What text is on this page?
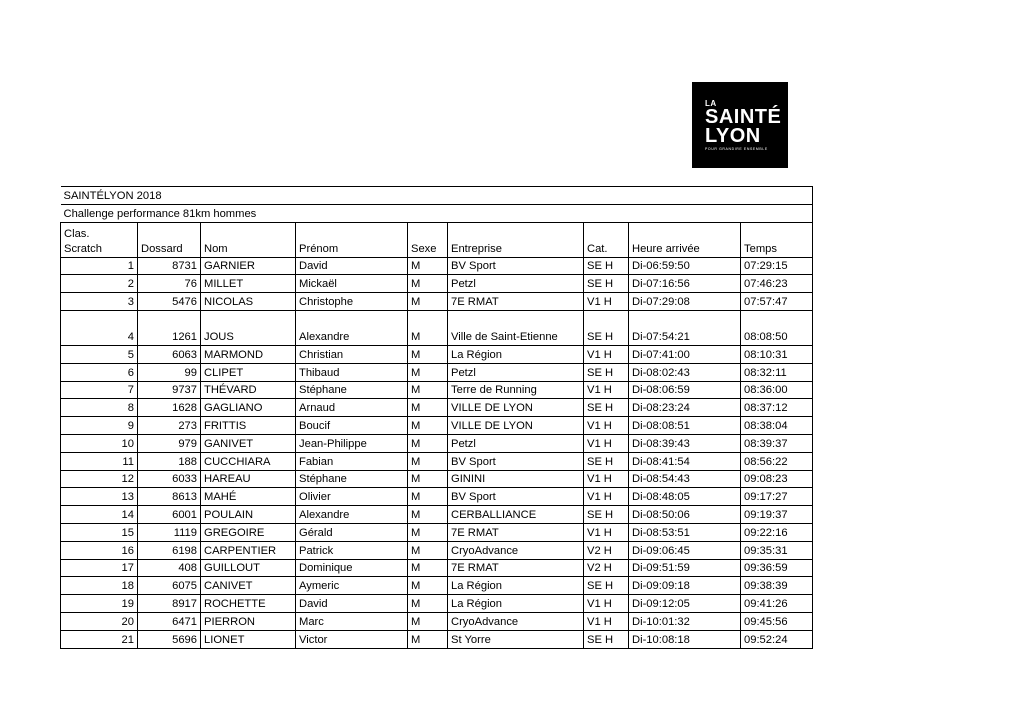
LA
SAINTÉ
LYON
POUR GRANDIRE ENSEMBLE
SAINTÉLYON 2018								
Challenge performance 81km hommes								
Clas.
Scratch	Dossard	Nom	Prénom	Sexe	Entreprise	Cat.	Heure arrivée	Temps
1	8731	GARNIER	David	M	BV Sport	SE H	Di-06:59:50	07:29:15
2	76	MILLET	Mickaël	M	Petzl	SE H	Di-07:16:56	07:46:23
3	5476	NICOLAS	Christophe	M	7E RMAT	V1 H	Di-07:29:08	07:57:47
4	1261	JOUS	Alexandre	M	Ville de Saint-Etienne	SE H	Di-07:54:21	08:08:50
5	6063	MARMOND	Christian	M	La Région	V1 H	Di-07:41:00	08:10:31
6	99	CLIPET	Thibaud	M	Petzl	SE H	Di-08:02:43	08:32:11
7	9737	THÉVARD	Stéphane	M	Terre de Running	V1 H	Di-08:06:59	08:36:00
8	1628	GAGLIANO	Arnaud	M	VILLE DE LYON	SE H	Di-08:23:24	08:37:12
9	273	FRITTIS	Boucif	M	VILLE DE LYON	V1 H	Di-08:08:51	08:38:04
10	979	GANIVET	Jean-Philippe	M	Petzl	V1 H	Di-08:39:43	08:39:37
11	188	CUCCHIARA	Fabian	M	BV Sport	SE H	Di-08:41:54	08:56:22
12	6033	HAREAU	Stéphane	M	GININI	V1 H	Di-08:54:43	09:08:23
13	8613	MAHÉ	Olivier	M	BV Sport	V1 H	Di-08:48:05	09:17:27
14	6001	POULAIN	Alexandre	M	CERBALLIANCE	SE H	Di-08:50:06	09:19:37
15	1119	GREGOIRE	Gérald	M	7E RMAT	V1 H	Di-08:53:51	09:22:16
16	6198	CARPENTIER	Patrick	M	CryoAdvance	V2 H	Di-09:06:45	09:35:31
17	408	GUILLOUT	Dominique	M	7E RMAT	V2 H	Di-09:51:59	09:36:59
18	6075	CANIVET	Aymeric	M	La Région	SE H	Di-09:09:18	09:38:39
19	8917	ROCHETTE	David	M	La Région	V1 H	Di-09:12:05	09:41:26
20	6471	PIERRON	Marc	M	CryoAdvance	V1 H	Di-10:01:32	09:45:56
21	5696	LIONET	Victor	M	St Yorre	SE H	Di-10:08:18	09:52:24
